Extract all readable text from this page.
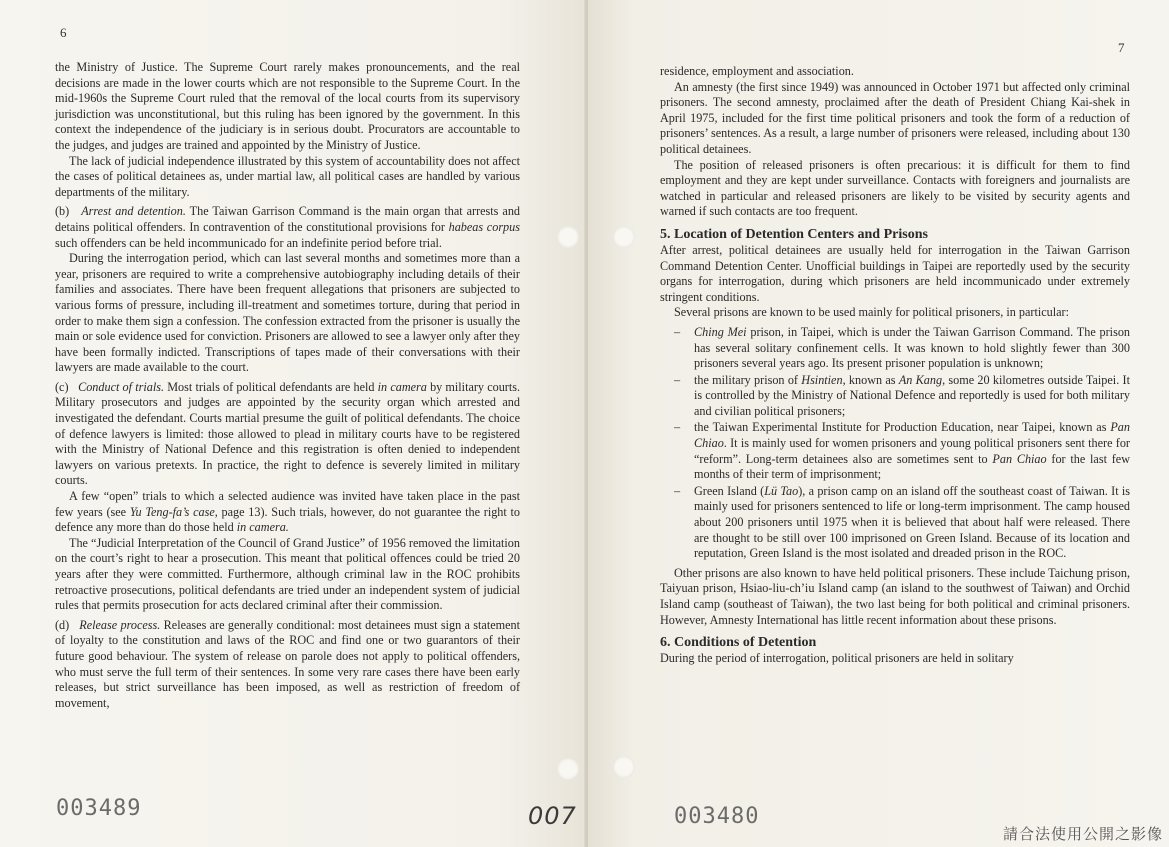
6

the Ministry of Justice. The Supreme Court rarely makes pronouncements, and the real decisions are made in the lower courts which are not responsible to the Supreme Court. In the mid-1960s the Supreme Court ruled that the removal of the local courts from its supervisory jurisdiction was unconstitutional, but this ruling has been ignored by the government. In this context the independence of the judiciary is in serious doubt. Procurators are accountable to the judges, and judges are trained and appointed by the Ministry of Justice.

The lack of judicial independence illustrated by this system of accountability does not affect the cases of political detainees as, under martial law, all political cases are handled by various departments of the military.

(b) Arrest and detention. The Taiwan Garrison Command is the main organ that arrests and detains political offenders. In contravention of the constitutional provisions for habeas corpus such offenders can be held incommunicado for an indefinite period before trial.

During the interrogation period, which can last several months and sometimes more than a year, prisoners are required to write a comprehensive autobiography including details of their families and associates. There have been frequent allegations that prisoners are subjected to various forms of pressure, including ill-treatment and sometimes torture, during that period in order to make them sign a confession. The confession extracted from the prisoner is usually the main or sole evidence used for conviction. Prisoners are allowed to see a lawyer only after they have been formally indicted. Transcriptions of tapes made of their conversations with their lawyers are made available to the court.

(c) Conduct of trials. Most trials of political defendants are held in camera by military courts. Military prosecutors and judges are appointed by the security organ which arrested and investigated the defendant. Courts martial presume the guilt of political defendants. The choice of defence lawyers is limited: those allowed to plead in military courts have to be registered with the Ministry of National Defence and this registration is often denied to independent lawyers on various pretexts. In practice, the right to defence is severely limited in military courts.

A few “open” trials to which a selected audience was invited have taken place in the past few years (see Yu Teng-fa’s case, page 13). Such trials, however, do not guarantee the right to defence any more than do those held in camera.

The “Judicial Interpretation of the Council of Grand Justice” of 1956 removed the limitation on the court’s right to hear a prosecution. This meant that political offences could be tried 20 years after they were committed. Furthermore, although criminal law in the ROC prohibits retroactive prosecutions, political defendants are tried under an independent system of judicial rules that permits prosecution for acts declared criminal after their commission.

(d) Release process. Releases are generally conditional: most detainees must sign a statement of loyalty to the constitution and laws of the ROC and find one or two guarantors of their future good behaviour. The system of release on parole does not apply to political offenders, who must serve the full term of their sentences. In some very rare cases there have been early releases, but strict surveillance has been imposed, as well as restriction of freedom of movement,

003489	007
7

residence, employment and association.

An amnesty (the first since 1949) was announced in October 1971 but affected only criminal prisoners. The second amnesty, proclaimed after the death of President Chiang Kai-shek in April 1975, included for the first time political prisoners and took the form of a reduction of prisoners’ sentences. As a result, a large number of prisoners were released, including about 130 political detainees.

The position of released prisoners is often precarious: it is difficult for them to find employment and they are kept under surveillance. Contacts with foreigners and journalists are watched in particular and released prisoners are likely to be visited by security agents and warned if such contacts are too frequent.

5. Location of Detention Centers and Prisons

After arrest, political detainees are usually held for interrogation in the Taiwan Garrison Command Detention Center. Unofficial buildings in Taipei are reportedly used by the security organs for interrogation, during which prisoners are held incommunicado under extremely stringent conditions.

Several prisons are known to be used mainly for political prisoners, in particular:

– Ching Mei prison, in Taipei, which is under the Taiwan Garrison Command. The prison has several solitary confinement cells. It was known to hold slightly fewer than 300 prisoners several years ago. Its present prisoner population is unknown;
– the military prison of Hsintien, known as An Kang, some 20 kilometres outside Taipei. It is controlled by the Ministry of National Defence and reportedly is used for both military and civilian political prisoners;
– the Taiwan Experimental Institute for Production Education, near Taipei, known as Pan Chiao. It is mainly used for women prisoners and young political prisoners sent there for “reform”. Long-term detainees also are sometimes sent to Pan Chiao for the last few months of their term of imprisonment;
– Green Island (Lü Tao), a prison camp on an island off the southeast coast of Taiwan. It is mainly used for prisoners sentenced to life or long-term imprisonment. The camp housed about 200 prisoners until 1975 when it is believed that about half were released. There are thought to be still over 100 imprisoned on Green Island. Because of its location and reputation, Green Island is the most isolated and dreaded prison in the ROC.

Other prisons are also known to have held political prisoners. These include Taichung prison, Taiyuan prison, Hsiao-liu-ch’iu Island camp (an island to the southwest of Taiwan) and Orchid Island camp (southeast of Taiwan), the two last being for both political and criminal prisoners. However, Amnesty International has little recent information about these prisons.

6. Conditions of Detention

During the period of interrogation, political prisoners are held in solitary

003480
請合法使用公開之影像
